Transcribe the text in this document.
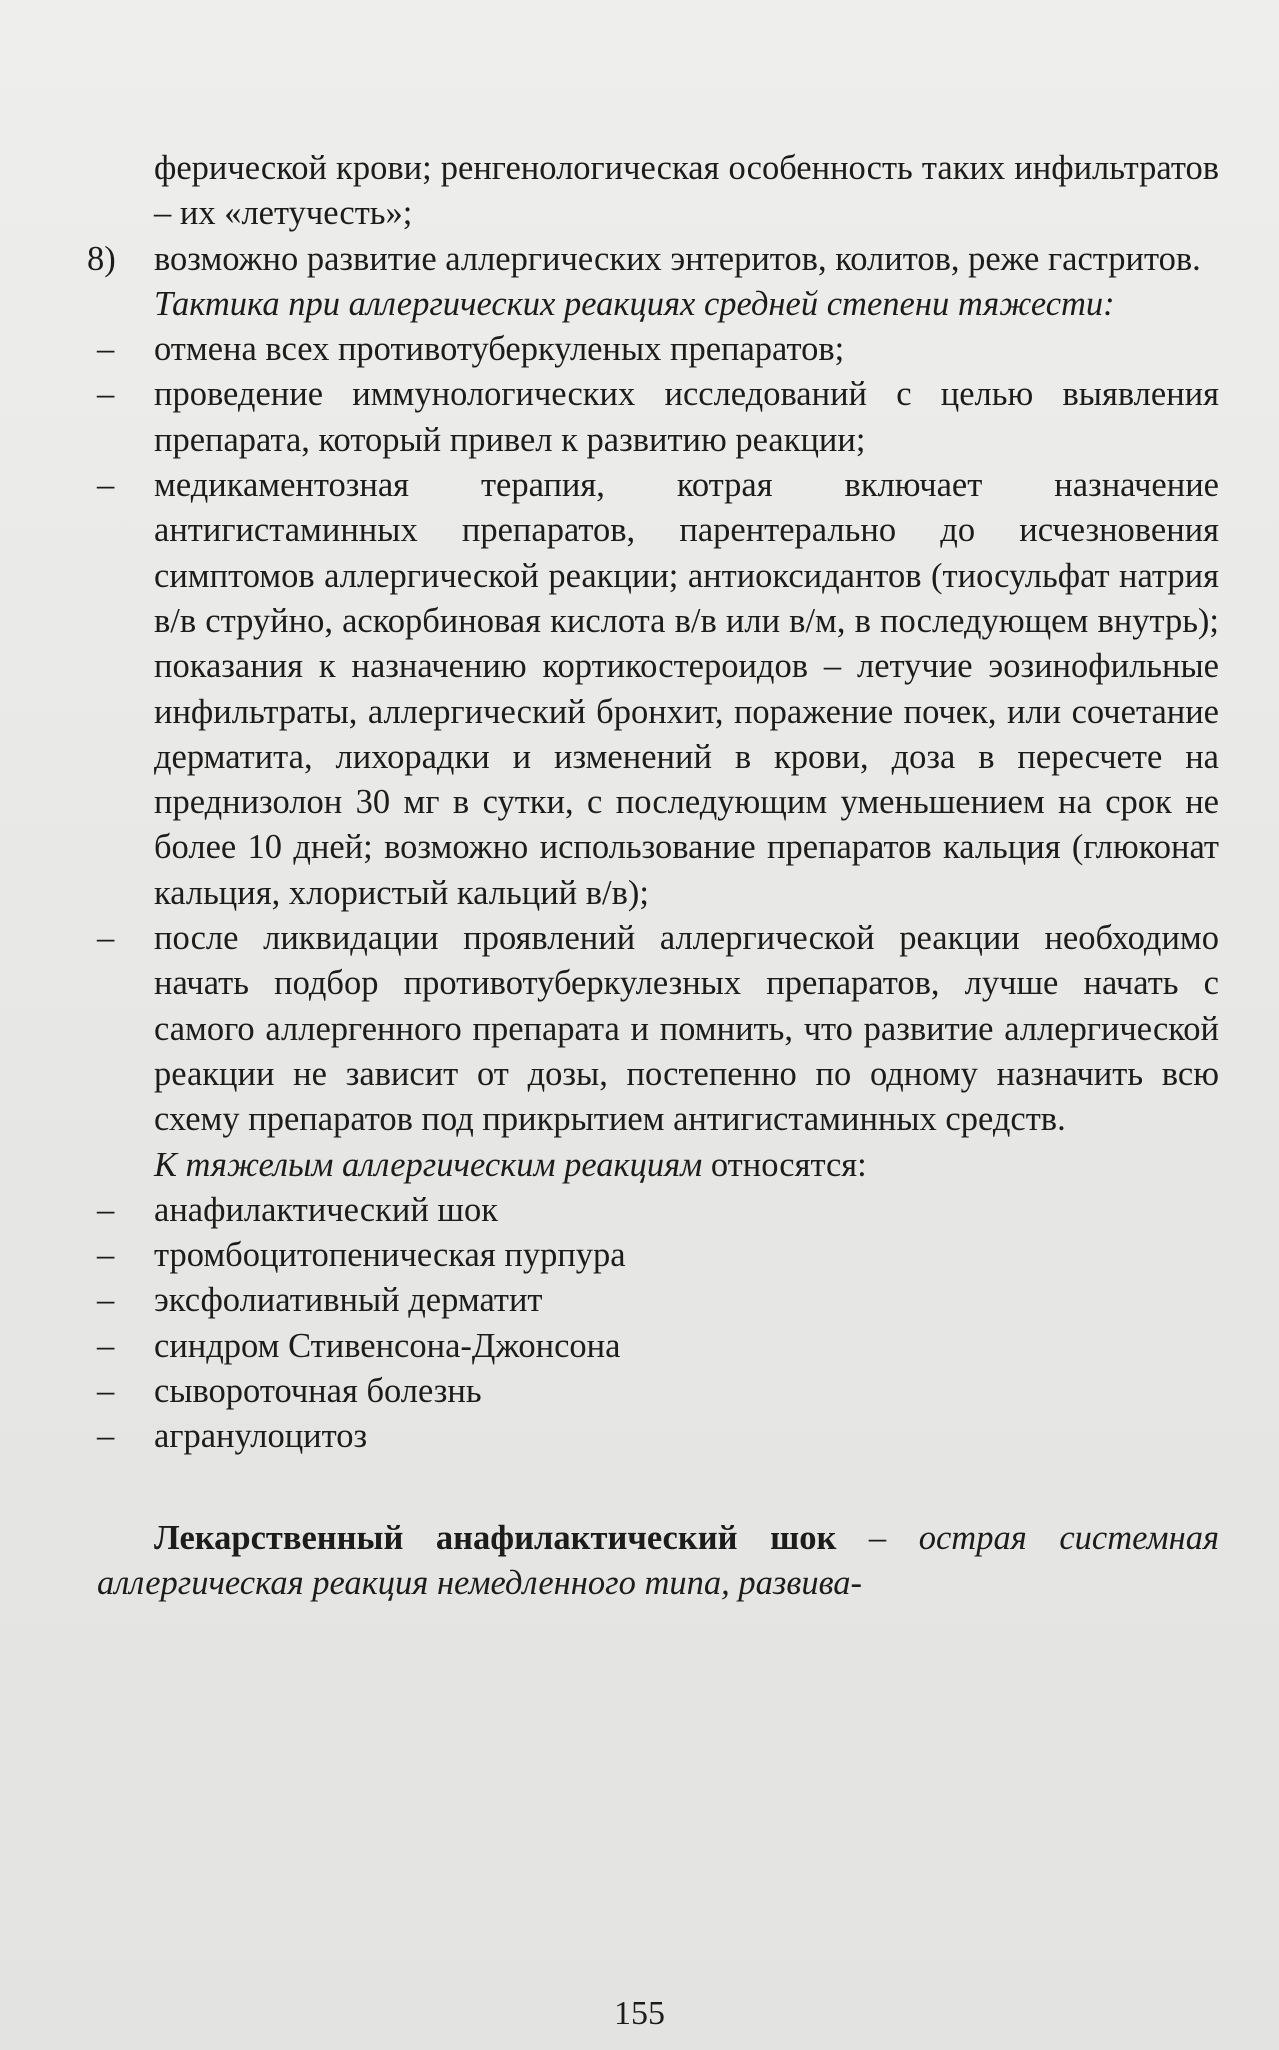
ферической крови; ренгенологическая особенность таких инфильтратов – их «летучесть»;

8) возможно развитие аллергических энтеритов, колитов, реже гастритов.

Тактика при аллергических реакциях средней степени тяжести:

– отмена всех противотуберкуленых препаратов;

– проведение иммунологических исследований с целью выявления препарата, который привел к развитию реакции;

– медикаментозная терапия, котрая включает назначение антигистаминных препаратов, парентерально до исчезновения симптомов аллергической реакции; антиоксидантов (тиосульфат натрия в/в струйно, аскорбиновая кислота в/в или в/м, в последующем внутрь); показания к назначению кортикостероидов – летучие эозинофильные инфильтраты, аллергический бронхит, поражение почек, или сочетание дерматита, лихорадки и изменений в крови, доза в пересчете на преднизолон 30 мг в сутки, с последующим уменьшением на срок не более 10 дней; возможно использование препаратов кальция (глюконат кальция, хлористый кальций в/в);

– после ликвидации проявлений аллергической реакции необходимо начать подбор противотуберкулезных препаратов, лучше начать с самого аллергенного препарата и помнить, что развитие аллергической реакции не зависит от дозы, постепенно по одному назначить всю схему препаратов под прикрытием антигистаминных средств.

К тяжелым аллергическим реакциям относятся:

– анафилактический шок

– тромбоцитопеническая пурпура

– эксфолиативный дерматит

– синдром Стивенсона-Джонсона

– сывороточная болезнь

– агранулоцитоз

Лекарственный анафилактический шок – острая системная аллергическая реакция немедленного типа, развива-

155
